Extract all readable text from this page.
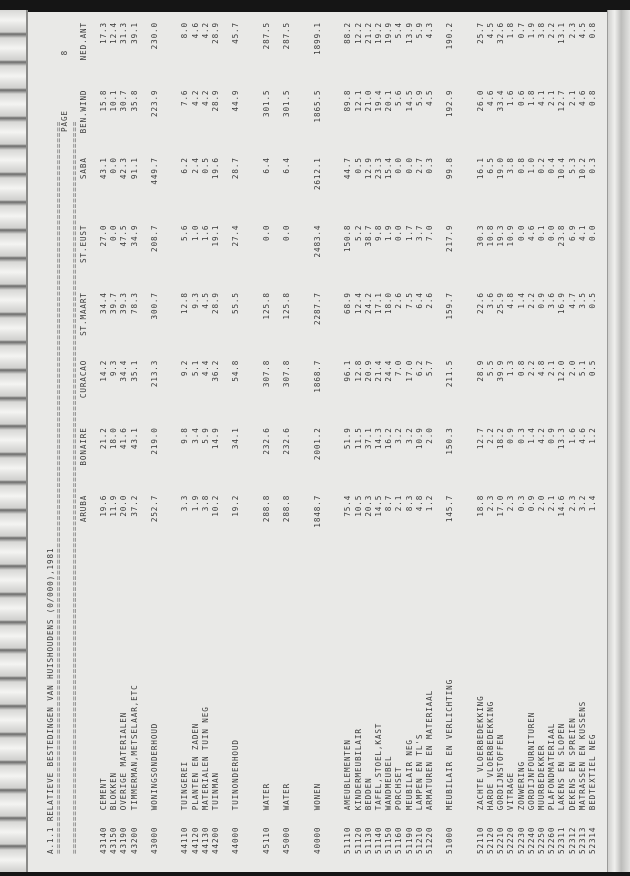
A.1.1 RELATIEVE BESTEDINGEN VAN HUISHOUDENS (0/000),1981 ======================================================================================================================================
PAGE          8
======================================================================================================================================
		ARUBA	BONAIRE	CURACAO	ST.MAART	ST.EUST	SABA	BEN.WIND	NED.ANT

43140	CEMENT	19.6	21.2	14.2	34.4	27.0	43.1	15.8	17.3
43150	BLOKKEN	11.9	18.0	9.3	39.7	0.0	0.0	10.1	12.4
43190	OVERIGE MATERIALEN	20.0	41.6	34.4	39.3	47.5	42.3	30.7	31.3
43200	TIMMERMAN,METSELAAR,ETC	37.2	43.1	35.1	78.3	34.9	91.1	35.8	39.1

43000	WONINGSONDERHOUD	252.7	219.0	213.3	300.7	208.7	449.7	223.9	230.0

44110	TUINGEREI	3.3	9.8	9.2	12.8	5.6	6.2	7.6	8.0
44120	PLANTEN EN ZADEN	1.9	3.4	5.1	9.3	1.0	2.4	4.2	4.6
44130	MATERIALEN TUIN NEG	3.8	5.9	4.4	4.5	1.6	0.5	4.2	4.2
44200	TUINMAN	10.2	14.9	36.2	28.9	19.1	19.6	28.9	28.9

44000	TUINONDERHOUD	19.2	34.1	54.8	55.5	27.4	28.7	44.9	45.7

45110	WATER	288.8	232.6	307.8	125.8	0.0	6.4	301.5	287.5

45000	WATER	288.8	232.6	307.8	125.8	0.0	6.4	301.5	287.5

40000	WONEN	1848.7	2001.2	1868.7	2287.7	2483.4	2612.1	1865.5	1899.1

51110	AMEUBLEMENTEN	75.4	51.9	96.1	68.9	150.8	44.7	89.8	88.2
51120	KINDERMEUBILAIR	10.5	11.5	12.8	12.4	5.2	0.5	12.1	12.2
51130	BEDDEN	20.3	37.1	20.9	24.2	38.7	12.9	21.0	21.2
51140	TAFEL,STOEL,KAST	14.5	14.3	21.4	17.1	9.8	23.3	19.4	19.2
51150	WANDMEUBEL	8.7	16.2	24.4	18.0	1.9	15.4	20.1	19.9
51160	PORCHSET	2.1	3.2	7.0	2.6	0.0	0.0	5.6	5.4
51190	MEUBILAIR NEG	8.3	3.2	17.0	7.5	1.7	0.0	14.5	13.9
51210	LAMPEN EN TL'S	4.8	10.9	6.2	6.4	3.7	2.7	5.9	5.9
51220	ARMATUREN EN MATERIAAL	1.2	2.0	5.7	2.6	7.0	0.3	4.5	4.3

51000	MEUBILAIR EN VERLICHTING	145.7	150.3	211.5	159.7	217.9	99.8	192.9	190.2

52110	ZACHTE VLOERBEDEKKING	18.8	12.7	28.9	22.6	30.3	16.1	26.0	25.7
52120	HARDE VLOERBEDEKKING	2.3	2.2	5.5	3.6	10.8	6.5	4.6	4.5
52210	GORDIJNSTOFFEN	17.0	18.2	39.9	25.9	19.3	19.0	33.4	32.6
52220	VITRAGE	2.3	0.9	1.3	4.8	10.9	3.8	1.6	1.8
52230	ZONWERING	0.3	0.3	0.8	1.4	0.0	0.8	0.6	0.7
52240	GORDIJNFOURNITUREN	0.9	1.4	2.2	2.2	4.6	1.0	1.8	1.9
52250	MUURBEDEKKER	2.0	4.2	4.8	0.9	0.1	0.2	4.1	3.8
52260	PLAFONDMATERIAAL	2.1	0.9	2.1	3.6	0.0	0.4	2.1	2.2
52311	LAKENS EN SLOPEN	14.6	13.3	12.0	16.9	23.8	10.4	12.7	13.1
52312	DEKENS EN SPREIEN	2.3	1.6	2.0	4.7	6.9	5.3	2.1	2.3
52313	MATRASSEN EN KUSSENS	3.2	4.6	5.1	3.5	4.1	10.2	4.6	4.5
52314	BEDTEXTIEL NEG	1.4	1.2	0.5	0.5	0.0	0.3	0.8	0.8
